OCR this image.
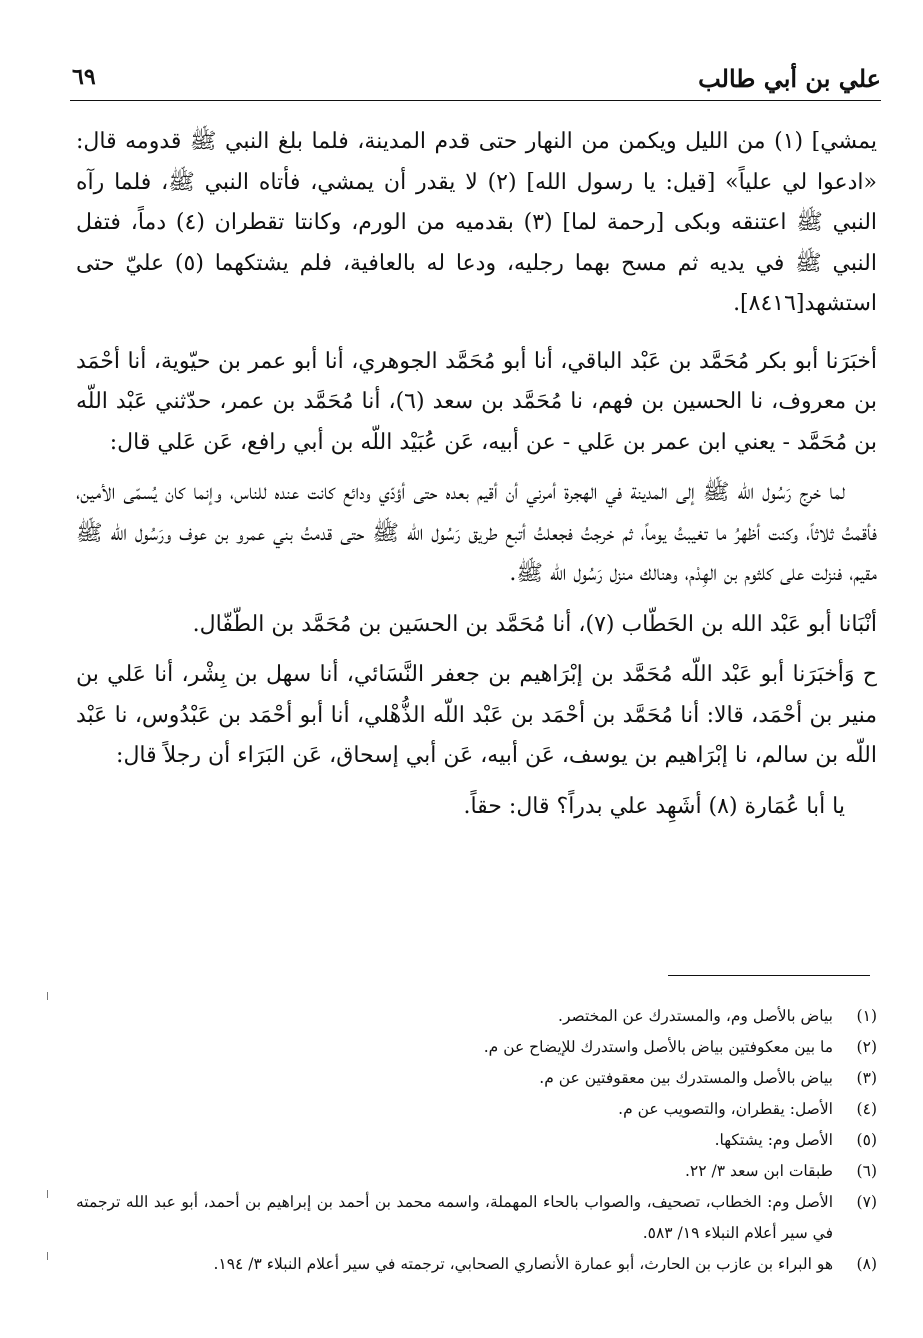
علي بن أبي طالب
٦٩

يمشي] (١) من الليل ويكمن من النهار حتى قدم المدينة، فلما بلغ النبي ﷺ قدومه قال: «ادعوا لي علياً» [قيل: يا رسول الله] (٢) لا يقدر أن يمشي، فأتاه النبي ﷺ، فلما رآه النبي ﷺ اعتنقه وبكى [رحمة لما] (٣) بقدميه من الورم، وكانتا تقطران (٤) دماً، فتفل النبي ﷺ في يديه ثم مسح بهما رجليه، ودعا له بالعافية، فلم يشتكهما (٥) عليّ حتى استشهد[٨٤١٦].

أخبَرَنا أبو بكر مُحَمَّد بن عَبْد الباقي، أنا أبو مُحَمَّد الجوهري، أنا أبو عمر بن حيّوية، أنا أحْمَد بن معروف، نا الحسين بن فهم، نا مُحَمَّد بن سعد (٦)، أنا مُحَمَّد بن عمر، حدّثني عَبْد اللّه بن مُحَمَّد - يعني ابن عمر بن عَلي - عن أبيه، عَن عُبَيْد اللّه بن أبي رافع، عَن عَلي قال:

لما خرج رَسُول الله ﷺ إلى المدينة في الهجرة أمرني أن أقيم بعده حتى أؤدّي ودائع كانت عنده للناس، وإنما كان يُسمّى الأمين، فأقمتُ ثلاثاً، وكنت أظهرُ ما تغيبتُ يوماً، ثم خرجتُ فجعلتُ أتبع طريق رَسُول الله ﷺ حتى قدمتُ بني عمرو بن عوف ورَسُول الله ﷺ مقيم، فنزلت على كلثوم بن الهِدْم، وهنالك منزل رَسُول الله ﷺ.

أنْبَانا أبو عَبْد الله بن الحَطّاب (٧)، أنا مُحَمَّد بن الحسَين بن مُحَمَّد بن الطّفّال.

ح وَأخبَرَنا أبو عَبْد اللّه مُحَمَّد بن إبْرَاهيم بن جعفر النَّسَائي، أنا سهل بن بِشْر، أنا عَلي بن منير بن أحْمَد، قالا: أنا مُحَمَّد بن أحْمَد بن عَبْد اللّه الذُّهْلي، أنا أبو أحْمَد بن عَبْدُوس، نا عَبْد اللّه بن سالم، نا إبْرَاهيم بن يوسف، عَن أبيه، عَن أبي إسحاق، عَن البَرَاء أن رجلاً قال:

يا أبا عُمَارة (٨) أشَهِد علي بدراً؟ قال: حقاً.

(١)
بياض بالأصل وم، والمستدرك عن المختصر.
(٢)
ما بين معكوفتين بياض بالأصل واستدرك للإيضاح عن م.
(٣)
بياض بالأصل والمستدرك بين معقوفتين عن م.
(٤)
الأصل: يقطران، والتصويب عن م.
(٥)
الأصل وم: يشتكها.
(٦)
طبقات ابن سعد ٣/ ٢٢.
(٧)
الأصل وم: الخطاب، تصحيف، والصواب بالحاء المهملة، واسمه محمد بن أحمد بن إبراهيم بن أحمد، أبو عبد الله ترجمته في سير أعلام النبلاء ١٩/ ٥٨٣.
(٨)
هو البراء بن عازب بن الحارث، أبو عمارة الأنصاري الصحابي، ترجمته في سير أعلام النبلاء ٣/ ١٩٤.
